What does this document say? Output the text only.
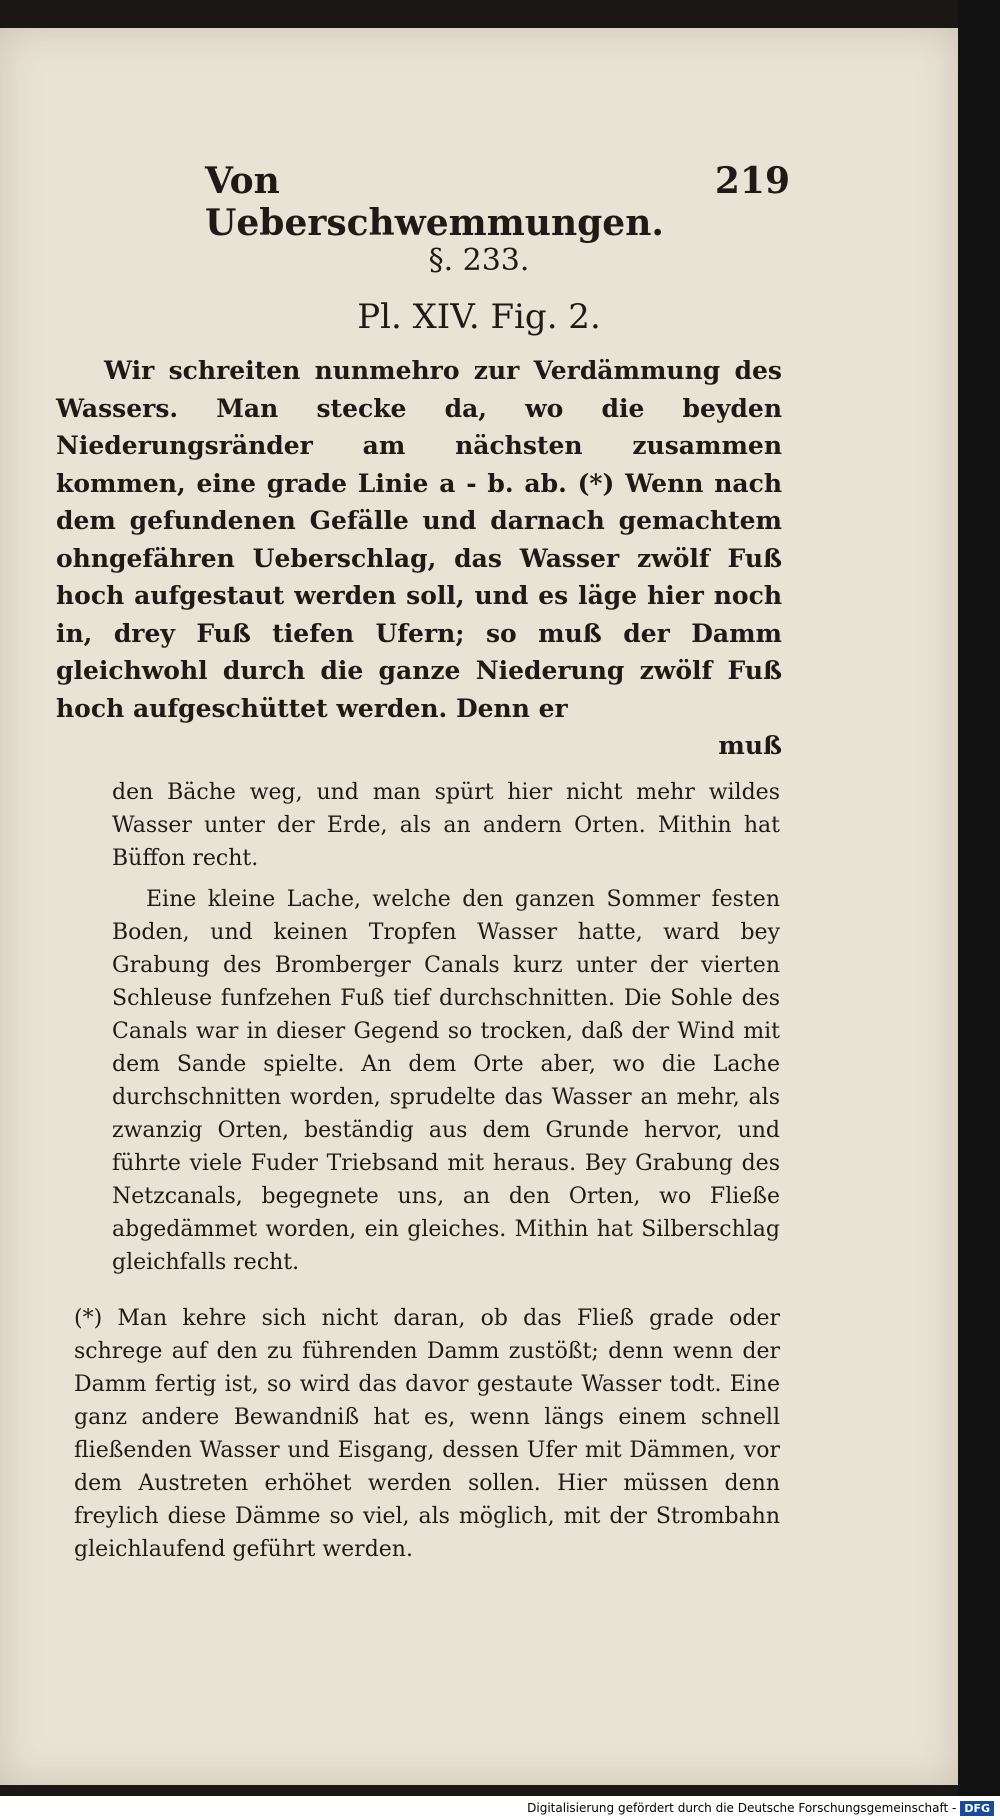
Von Ueberschwemmungen.
219
§. 233.
Pl. XIV. Fig. 2.

Wir schreiten nunmehro zur Verdämmung des Wassers. Man stecke da, wo die beyden Niederungsränder am nächsten zusammen kommen, eine grade Linie a - b. ab. (*) Wenn nach dem gefundenen Gefälle und darnach gemachtem ohngefähren Ueberschlag, das Wasser zwölf Fuß hoch aufgestaut werden soll, und es läge hier noch in, drey Fuß tiefen Ufern; so muß der Damm gleichwohl durch die ganze Niederung zwölf Fuß hoch aufgeschüttet werden. Denn er

muß

den Bäche weg, und man spürt hier nicht mehr wildes Wasser unter der Erde, als an andern Orten. Mithin hat Büffon recht.

Eine kleine Lache, welche den ganzen Sommer festen Boden, und keinen Tropfen Wasser hatte, ward bey Grabung des Bromberger Canals kurz unter der vierten Schleuse funfzehen Fuß tief durchschnitten. Die Sohle des Canals war in dieser Gegend so trocken, daß der Wind mit dem Sande spielte. An dem Orte aber, wo die Lache durchschnitten worden, sprudelte das Wasser an mehr, als zwanzig Orten, beständig aus dem Grunde hervor, und führte viele Fuder Triebsand mit heraus. Bey Grabung des Netzcanals, begegnete uns, an den Orten, wo Fließe abgedämmet worden, ein gleiches. Mithin hat Silberschlag gleichfalls recht.

(*) Man kehre sich nicht daran, ob das Fließ grade oder schrege auf den zu führenden Damm zustößt; denn wenn der Damm fertig ist, so wird das davor gestaute Wasser todt. Eine ganz andere Bewandniß hat es, wenn längs einem schnell fließenden Wasser und Eisgang, dessen Ufer mit Dämmen, vor dem Austreten erhöhet werden sollen. Hier müssen denn freylich diese Dämme so viel, als möglich, mit der Strombahn gleichlaufend geführt werden.

Digitalisierung gefördert durch die Deutsche Forschungsgemeinschaft - DFG
